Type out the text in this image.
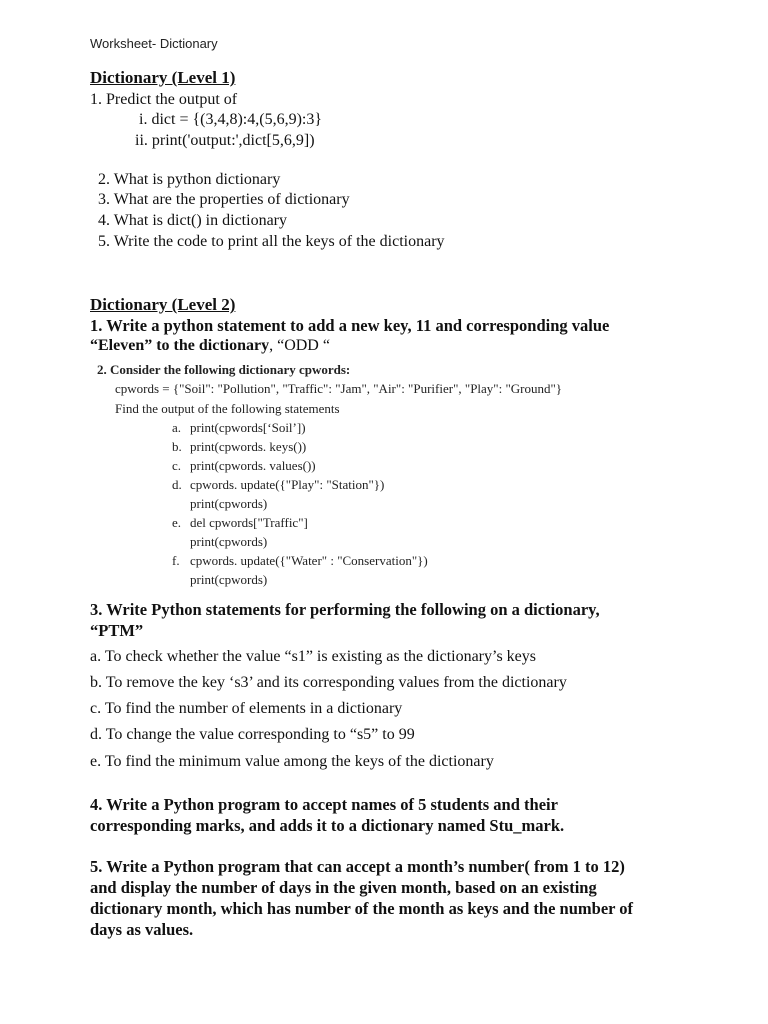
Worksheet- Dictionary
Dictionary (Level 1)
1. Predict the output of
i. dict = {(3,4,8):4,(5,6,9):3}
ii. print('output:',dict[5,6,9])
2. What is python dictionary
3. What are the properties of dictionary
4. What is dict() in dictionary
5. Write the code to print all the keys of the dictionary
Dictionary (Level 2)
1. Write a python statement to add a new key, 11 and corresponding value
“Eleven” to the dictionary, “ODD “
2. Consider the following dictionary cpwords:
cpwords = {"Soil": "Pollution", "Traffic": "Jam", "Air": "Purifier", "Play": "Ground"}
Find the output of the following statements
a. print(cpwords[‘Soil’])
b. print(cpwords. keys())
c. print(cpwords. values())
d. cpwords. update({"Play": "Station"})
print(cpwords)
e. del cpwords["Traffic"]
print(cpwords)
f. cpwords. update({"Water" : "Conservation"})
print(cpwords)
3. Write Python statements for performing the following on a dictionary,
“PTM”
a. To check whether the value “s1” is existing as the dictionary’s keys
b. To remove the key ‘s3’ and its corresponding values from the dictionary
c. To find the number of elements in a dictionary
d. To change the value corresponding to “s5” to 99
e. To find the minimum value among the keys of the dictionary
4. Write a Python program to accept names of 5 students and their
corresponding marks, and adds it to a dictionary named Stu_mark.
5. Write a Python program that can accept a month’s number( from 1 to 12)
and display the number of days in the given month, based on an existing
dictionary month, which has number of the month as keys and the number of
days as values.
